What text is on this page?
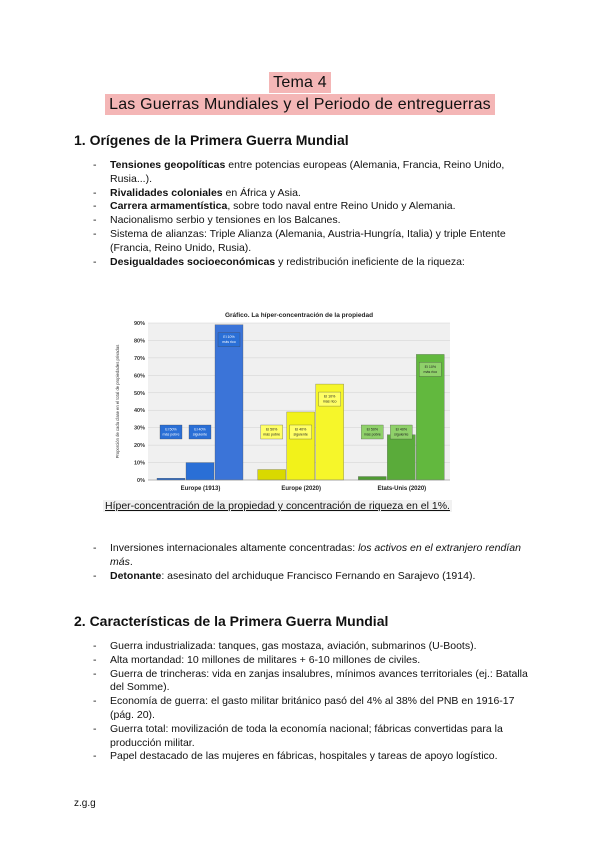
Tema 4
Las Guerras Mundiales y el Periodo de entreguerras
1. Orígenes de la Primera Guerra Mundial
- Tensiones geopolíticas entre potencias europeas (Alemania, Francia, Reino Unido, Rusia...).
- Rivalidades coloniales en África y Asia.
- Carrera armamentística, sobre todo naval entre Reino Unido y Alemania.
- Nacionalismo serbio y tensiones en los Balcanes.
- Sistema de alianzas: Triple Alianza (Alemania, Austria-Hungría, Italia) y triple Entente (Francia, Reino Unido, Rusia).
- Desigualdades socioeconómicas y redistribución ineficiente de la riqueza:
Gráfico. La híper-concentración de la propiedad
Proporción de cada clase en el total de propiedades privadas
0%
10%
20%
30%
40%
50%
60%
70%
80%
90%
El 50%
más pobre
El 40%
siguiente
El 10%
más rico
Europe (1913)
El 50%
más pobre
El 40%
siguiente
El 10%
más rico
Europe (2020)
El 50%
más pobre
El 40%
siguiente
El 10%
más rico
Etats-Unis (2020)
Híper-concentración de la propiedad y concentración de riqueza en el 1%.
- Inversiones internacionales altamente concentradas: los activos en el extranjero rendían más.
- Detonante: asesinato del archiduque Francisco Fernando en Sarajevo (1914).
2. Características de la Primera Guerra Mundial
- Guerra industrializada: tanques, gas mostaza, aviación, submarinos (U-Boots).
- Alta mortandad: 10 millones de militares + 6-10 millones de civiles.
- Guerra de trincheras: vida en zanjas insalubres, mínimos avances territoriales (ej.: Batalla del Somme).
- Economía de guerra: el gasto militar británico pasó del 4% al 38% del PNB en 1916-17 (pág. 20).
- Guerra total: movilización de toda la economía nacional; fábricas convertidas para la producción militar.
- Papel destacado de las mujeres en fábricas, hospitales y tareas de apoyo logístico.
z.g.g
